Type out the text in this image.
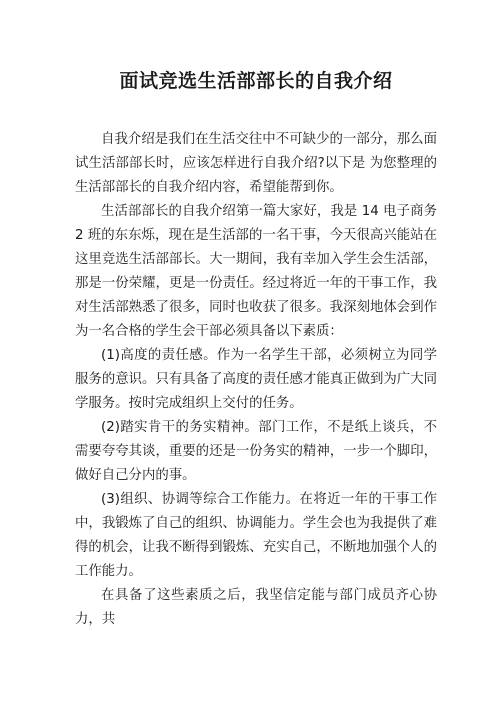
面试竞选生活部部长的自我介绍

自我介绍是我们在生活交往中不可缺少的一部分，那么面试生活部部长时，应该怎样进行自我介绍?以下是 为您整理的生活部部长的自我介绍内容，希望能帮到你。

生活部部长的自我介绍第一篇大家好，我是 14 电子商务 2 班的东东烁，现在是生活部的一名干事，今天很高兴能站在这里竞选生活部部长。大一期间，我有幸加入学生会生活部，那是一份荣耀，更是一份责任。经过将近一年的干事工作，我对生活部熟悉了很多，同时也收获了很多。我深刻地体会到作为一名合格的学生会干部必须具备以下素质：

(1)高度的责任感。作为一名学生干部，必须树立为同学服务的意识。只有具备了高度的责任感才能真正做到为广大同学服务。按时完成组织上交付的任务。

(2)踏实肯干的务实精神。部门工作，不是纸上谈兵，不需要夸夸其谈，重要的还是一份务实的精神，一步一个脚印，做好自己分内的事。

(3)组织、协调等综合工作能力。在将近一年的干事工作中，我锻炼了自己的组织、协调能力。学生会也为我提供了难得的机会，让我不断得到锻炼、充实自己，不断地加强个人的工作能力。

在具备了这些素质之后，我坚信定能与部门成员齐心协力，共
